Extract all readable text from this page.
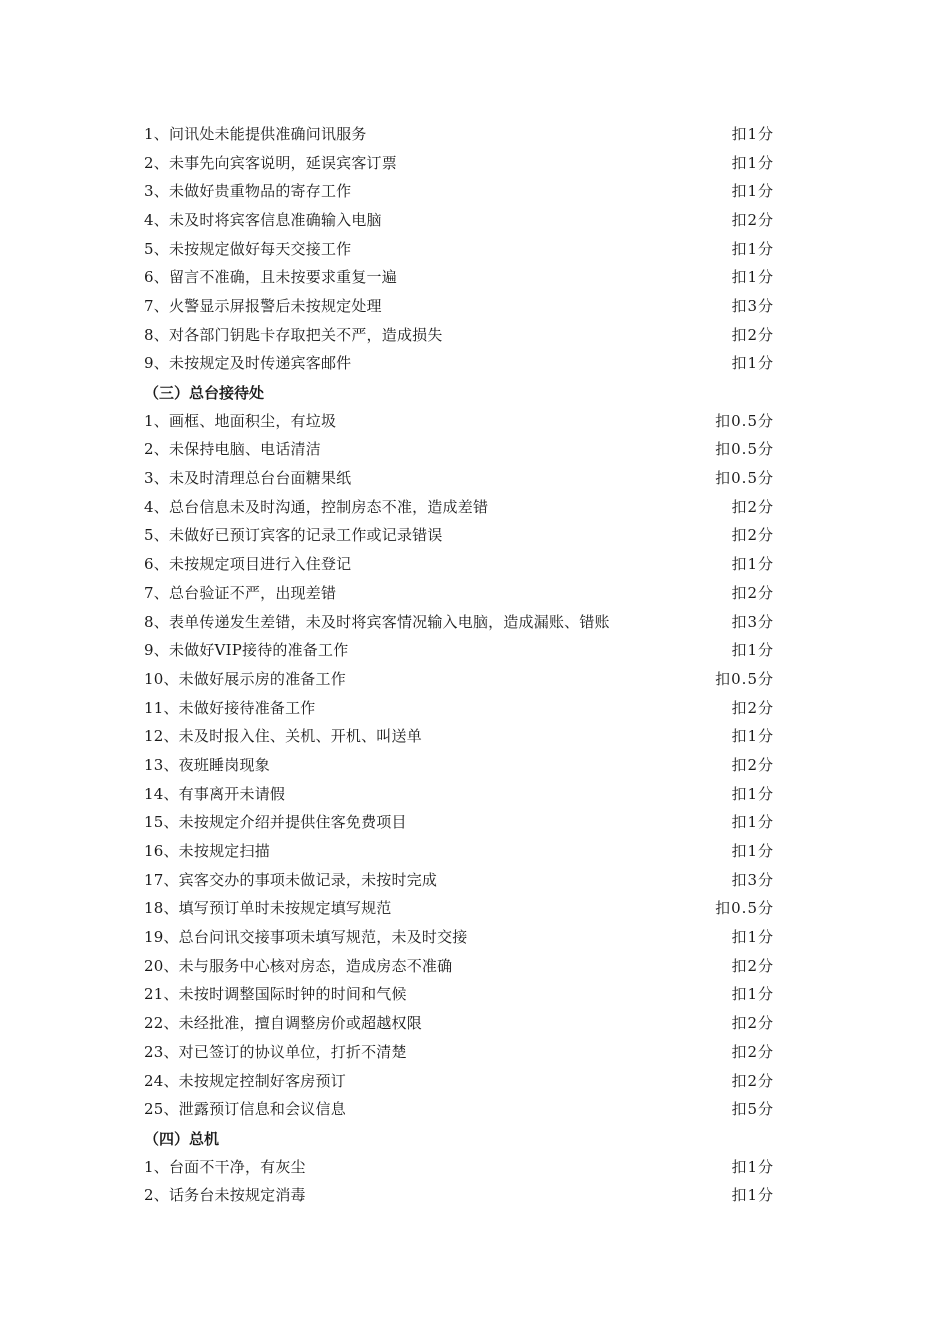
1、问讯处未能提供准确问讯服务	扣1分
2、未事先向宾客说明，延误宾客订票	扣1分
3、未做好贵重物品的寄存工作	扣1分
4、未及时将宾客信息准确输入电脑	扣2分
5、未按规定做好每天交接工作	扣1分
6、留言不准确，且未按要求重复一遍	扣1分
7、火警显示屏报警后未按规定处理	扣3分
8、对各部门钥匙卡存取把关不严，造成损失	扣2分
9、未按规定及时传递宾客邮件	扣1分
（三）总台接待处
1、画框、地面积尘，有垃圾	扣0.5分
2、未保持电脑、电话清洁	扣0.5分
3、未及时清理总台台面糖果纸	扣0.5分
4、总台信息未及时沟通，控制房态不准，造成差错	扣2分
5、未做好已预订宾客的记录工作或记录错误	扣2分
6、未按规定项目进行入住登记	扣1分
7、总台验证不严，出现差错	扣2分
8、表单传递发生差错，未及时将宾客情况输入电脑，造成漏账、错账	扣3分
9、未做好VIP接待的准备工作	扣1分
10、未做好展示房的准备工作	扣0.5分
11、未做好接待准备工作	扣2分
12、未及时报入住、关机、开机、叫送单	扣1分
13、夜班睡岗现象	扣2分
14、有事离开未请假	扣1分
15、未按规定介绍并提供住客免费项目	扣1分
16、未按规定扫描	扣1分
17、宾客交办的事项未做记录，未按时完成	扣3分
18、填写预订单时未按规定填写规范	扣0.5分
19、总台问讯交接事项未填写规范，未及时交接	扣1分
20、未与服务中心核对房态，造成房态不准确	扣2分
21、未按时调整国际时钟的时间和气候	扣1分
22、未经批准，擅自调整房价或超越权限	扣2分
23、对已签订的协议单位，打折不清楚	扣2分
24、未按规定控制好客房预订	扣2分
25、泄露预订信息和会议信息	扣5分
（四）总机
1、台面不干净，有灰尘	扣1分
2、话务台未按规定消毒	扣1分
